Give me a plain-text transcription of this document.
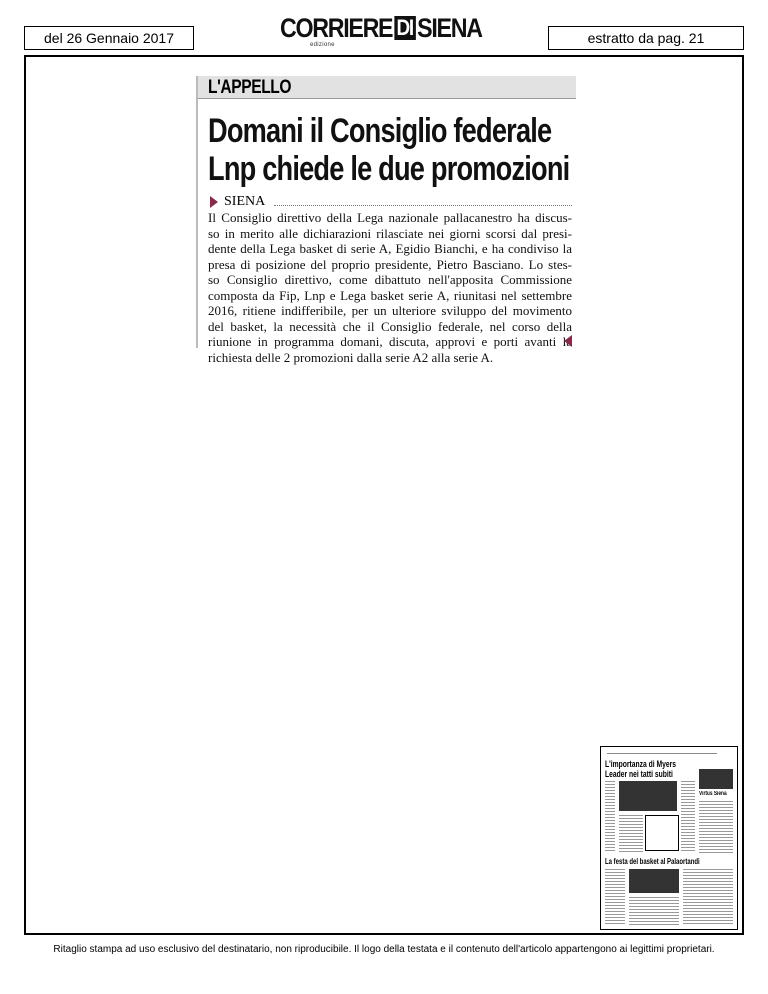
del 26 Gennaio 2017	CORRIERE DI SIENA
edizione	estratto da pag. 21
L'APPELLO
Domani il Consiglio federale
Lnp chiede le due promozioni
SIENA
Il Consiglio direttivo della Lega nazionale pallacanestro ha discus-
so in merito alle dichiarazioni rilasciate nei giorni scorsi dal presi-
dente della Lega basket di serie A, Egidio Bianchi, e ha condiviso la
presa di posizione del proprio presidente, Pietro Basciano. Lo stes-
so Consiglio direttivo, come dibattuto nell'apposita Commissione
composta da Fip, Lnp e Lega basket serie A, riunitasi nel settembre
2016, ritiene indifferibile, per un ulteriore sviluppo del movimento
del basket, la necessità che il Consiglio federale, nel corso della
riunione in programma domani, discuta, approvi e porti avanti la
richiesta delle 2 promozioni dalla serie A2 alla serie A.
L'importanza di Myers
Leader nei tatti subiti
Virtus Siena
La festa del basket al Palaortandi
Ritaglio stampa ad uso esclusivo del destinatario, non riproducibile. Il logo della testata e il contenuto dell'articolo appartengono ai legittimi proprietari.
